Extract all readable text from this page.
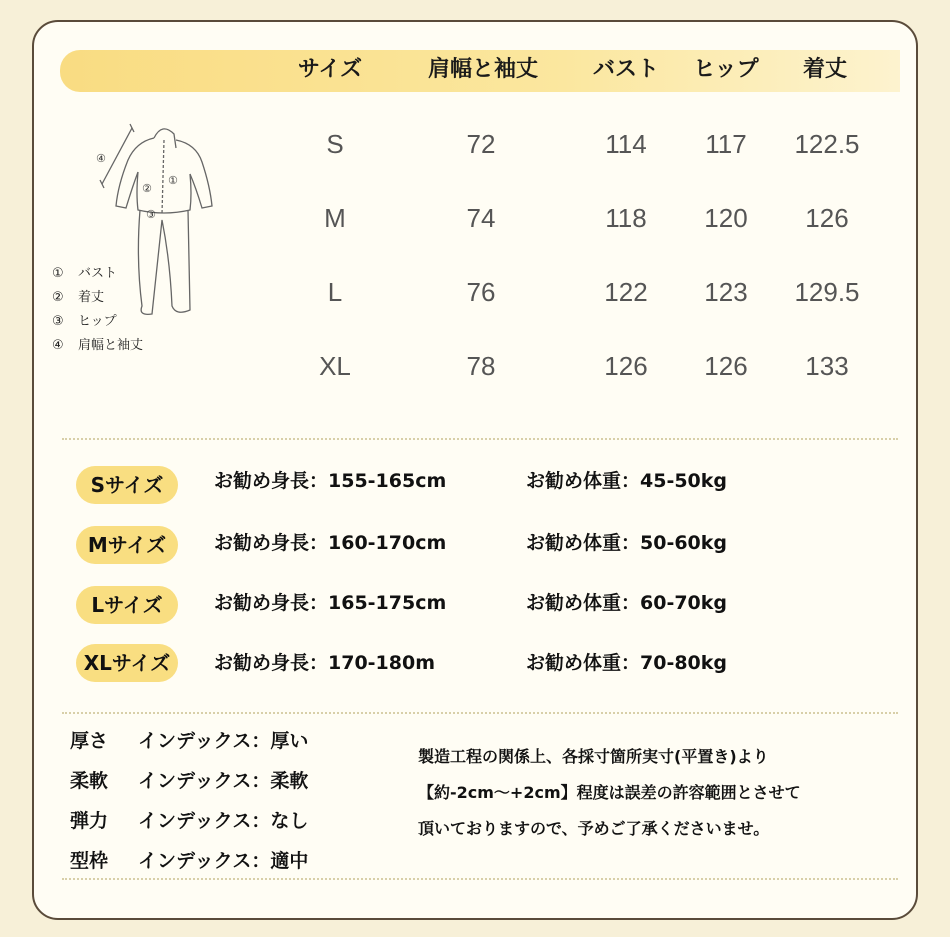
サイズ	肩幅と袖丈	バスト	ヒップ	着丈
S	72	114	117	122.5
M	74	118	120	126
L	76	122	123	129.5
XL	78	126	126	133
④
②
①
③
① バスト
② 着丈
③ ヒップ
④ 肩幅と袖丈
Sサイズ	お勧め身長：155-165cm	お勧め体重：45-50kg
Mサイズ	お勧め身長：160-170cm	お勧め体重：50-60kg
Lサイズ	お勧め身長：165-175cm	お勧め体重：60-70kg
XLサイズ	お勧め身長：170-180m	お勧め体重：70-80kg
厚さ インデックス：厚い
柔軟 インデックス：柔軟
弾力 インデックス：なし
型枠 インデックス：適中
製造工程の関係上、各採寸箇所実寸(平置き)より
【約-2cm～+2cm】程度は誤差の許容範囲とさせて
頂いておりますので、予めご了承くださいませ。
